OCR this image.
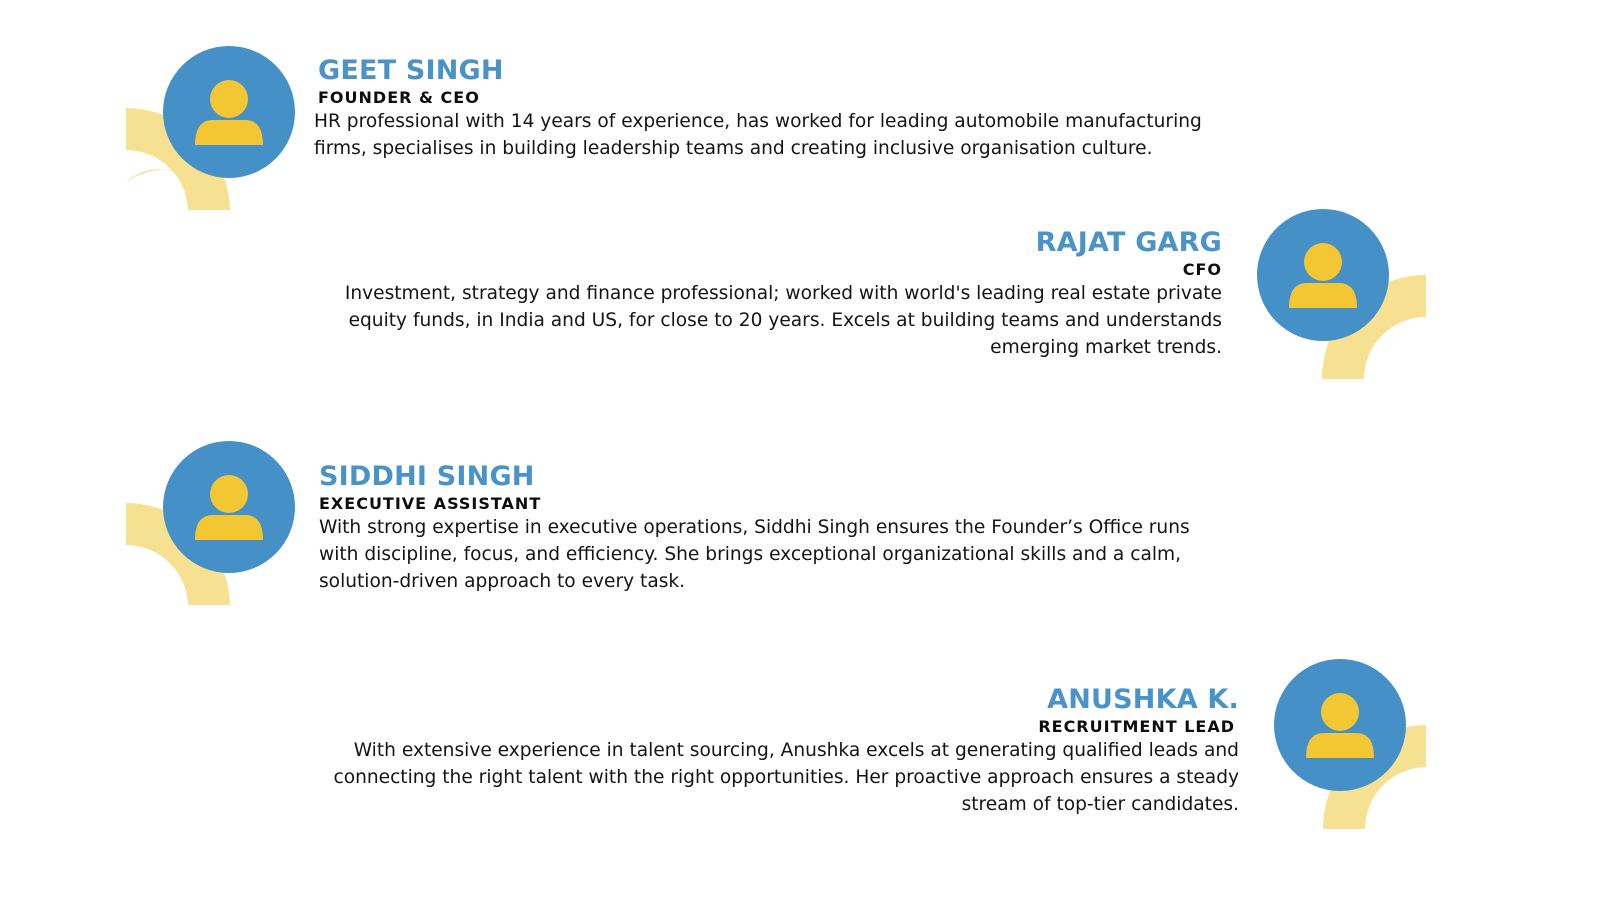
GEET SINGH

FOUNDER & CEO

HR professional with 14 years of experience, has worked for leading automobile manufacturing firms, specialises in building leadership teams and creating inclusive organisation culture.

RAJAT GARG

CFO

Investment, strategy and finance professional; worked with world's leading real estate private equity funds, in India and US, for close to 20 years. Excels at building teams and understands emerging market trends.

SIDDHI SINGH

EXECUTIVE ASSISTANT

With strong expertise in executive operations, Siddhi Singh ensures the Founder’s Office runs with discipline, focus, and efficiency. She brings exceptional organizational skills and a calm, solution-driven approach to every task.

ANUSHKA K.

RECRUITMENT LEAD

With extensive experience in talent sourcing, Anushka excels at generating qualified leads and connecting the right talent with the right opportunities. Her proactive approach ensures a steady stream of top-tier candidates.
